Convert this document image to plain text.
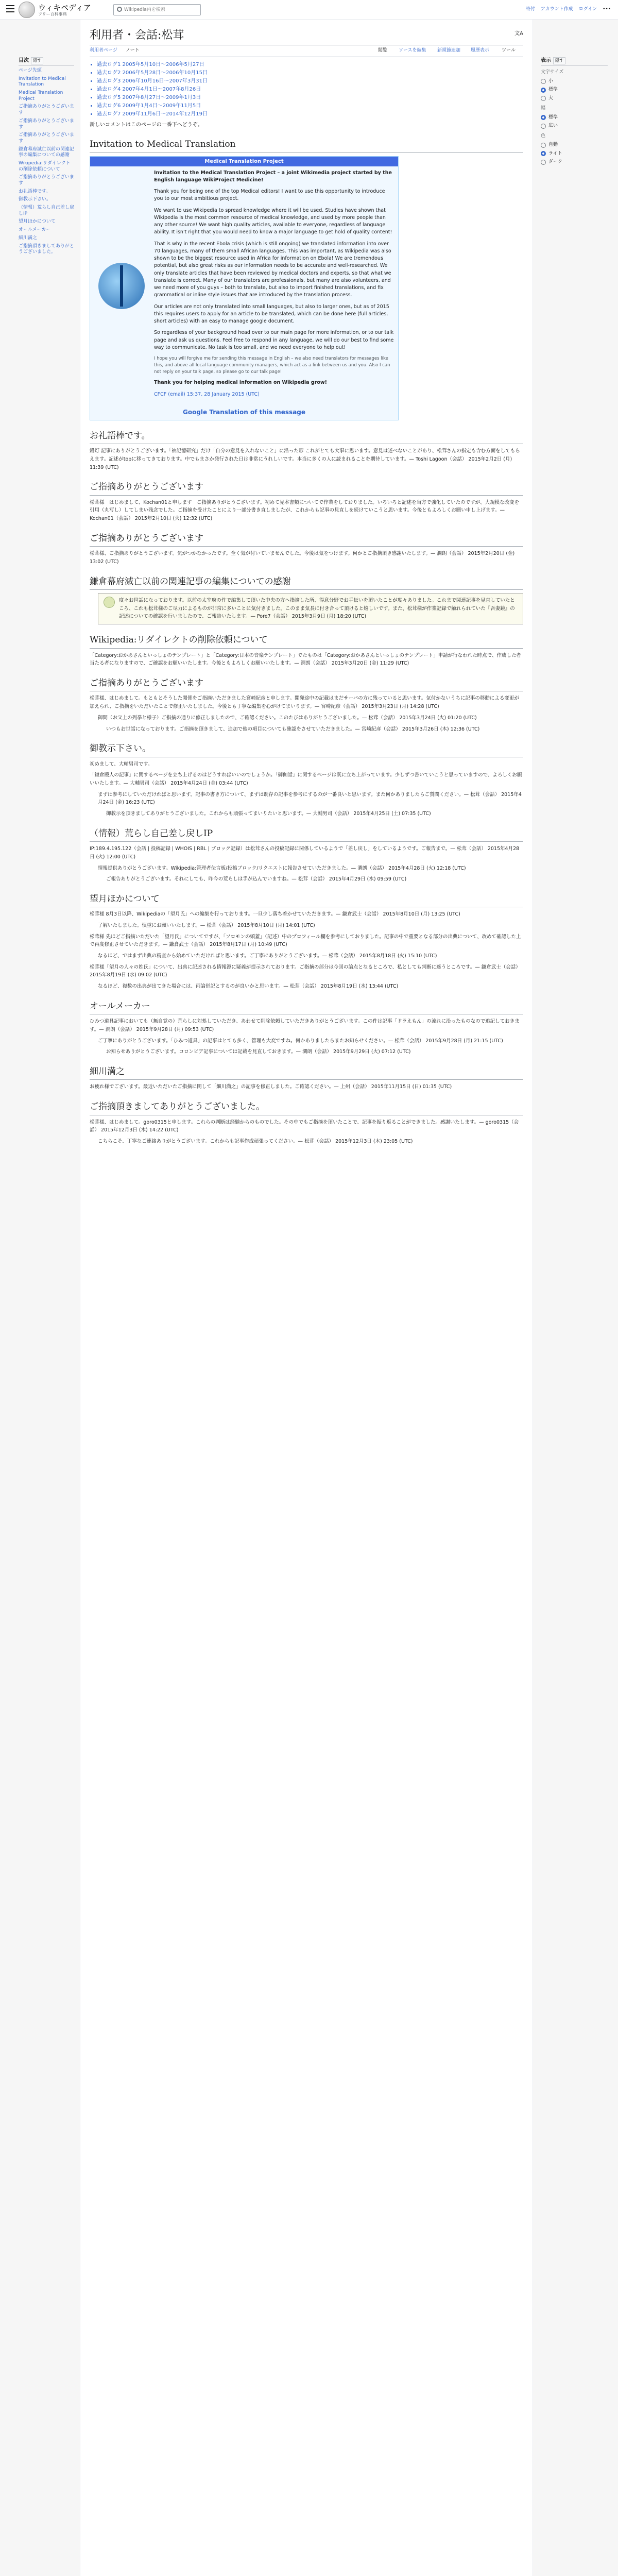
ウィキペディア
フリー百科事典
Wikipedia内を検索
寄付 アカウント作成 ログイン •••
目次 隠す
ページ先頭
Invitation to Medical Translation
Medical Translation Project
ご指摘ありがとうございます
ご指摘ありがとうございます
ご指摘ありがとうございます
鎌倉幕府滅亡以前の関連記事の編集についての感謝
Wikipedia:リダイレクトの削除依頼について
ご指摘ありがとうございます
お礼語棒です。
御教示下さい。
（情報）荒らし自己差し戻しIP
望月ほかについて
オールメーカー
細川満之
ご指摘頂きましてありがとうございました。
表示 隠す
文字サイズ
小
標準
大
幅
標準
広い
色
自動
ライト
ダーク
利用者・会話:松茸	文A
利用者ページ ノート	閲覧 ソースを編集 新規節追加 履歴表示	ツール
• 過去ログ1 2005年5月10日～2006年5月27日
• 過去ログ2 2006年5月28日～2006年10月15日
• 過去ログ3 2006年10月16日～2007年3月31日
• 過去ログ4 2007年4月1日～2007年8月26日
• 過去ログ5 2007年8月27日～2009年1月3日
• 過去ログ6 2009年1月4日～2009年11月5日
• 過去ログ7 2009年11月6日～2014年12月19日
新しいコメントはこのページの一番下へどうぞ。
Invitation to Medical Translation
Medical Translation Project

Invitation to the Medical Translation Project – a joint Wikimedia project started by the English language WikiProject Medicine!

Thank you for being one of the top Medical editors! I want to use this opportunity to introduce you to our most ambitious project.

We want to use Wikipedia to spread knowledge where it will be used. Studies have shown that Wikipedia is the most common resource of medical knowledge, and used by more people than any other source! We want high quality articles, available to everyone, regardless of language ability. It isn't right that you would need to know a major language to get hold of quality content!

That is why in the recent Ebola crisis (which is still ongoing) we translated information into over 70 languages, many of them small African languages. This was important, as Wikipedia was also shown to be the biggest resource used in Africa for information on Ebola! We are tremendous potential, but also great risks as our information needs to be accurate and well-researched. We only translate articles that have been reviewed by medical doctors and experts, so that what we translate is correct. Many of our translators are professionals, but many are also volunteers, and we need more of you guys – both to translate, but also to import finished translations, and fix grammatical or inline style issues that are introduced by the translation process.

Our articles are not only translated into small languages, but also to larger ones, but as of 2015 this requires users to apply for an article to be translated, which can be done here (full articles, short articles) with an easy to manage google document.

So regardless of your background head over to our main page for more information, or to our talk page and ask us questions. Feel free to respond in any language, we will do our best to find some way to communicate. No task is too small, and we need everyone to help out!

I hope you will forgive me for sending this message in English – we also need translators for messages like this, and above all local language community managers, which act as a link between us and you. Also I can not reply on your talk page, so please go to our talk page!

Thank you for helping medical information on Wikipedia grow!

CFCF (email) 15:37, 28 January 2015 (UTC)

Google Translation of this message
お礼語棒です。
鉛灯 記事にありがとうございます。「袖記憶研究」だけ「自分の意見を入れないこと」に沿った形 これがとても大事に思います。意見は述べないことがあり、松茸さんの指定も含む方面をしてもらえます。記述がtopに移ってきております。中でもまさか発行された日は非常にうれしいです。本当に多くの人に読まれることを期待しています。— Toshi Lagoon（会話） 2015年2月2日 (月) 11:39 (UTC)
ご指摘ありがとうございます
松茸様　はじめまして、Kochan01と申します　ご指摘ありがとうございます。初めて見本書類についてで作業をしておりました。いろいろと記述を当方で強化していたのですが、大規模な改変を引用（丸写し）してしまい残念でした。ご指摘を受けたことにより一部分書き直しましたが、これからも記事の見直しを続けていこうと思います。今後ともよろしくお願い申し上げます。— Kochan01（会話） 2015年2月10日 (火) 12:32 (UTC)
ご指摘ありがとうございます
松茸様、ご指摘ありがとうございます。気がつかなかったです。全く気が付いていませんでした。今後は気をつけます。何かとご指摘頂き感謝いたします。— 澗朗（会話） 2015年2月20日 (金) 13:02 (UTC)
鎌倉幕府滅亡以前の関連記事の編集についての感謝
度々お世話になっております。以前の太宰府の件で編集して頂いた中央の方へ指摘した所、得意分野でお手伝いを頂いたことが度々ありました。これまで関連記事を見直していたところ、これも松茸様のご尽力によるものが非常に多いことに気付きました。このまま気長に付き合って頂けると嬉しいです。また、松茸様が作業記録で触れられていた『吾妻鏡』の記述についての確認を行いましたので、ご報告いたします。— Pore7（会話） 2015年3月9日 (月) 18:20 (UTC)
Wikipedia:リダイレクトの削除依頼について
「Category:おかあさんといっしょのテンプレート」と「Category:日本の音楽テンプレート」でたものは「Category:おかあさんといっしょのテンプレート」申請が行なわれた時点で、作成した者当たる者になりますので、ご確認をお願いいたします。今後ともよろしくお願いいたします。— 澗朗（会話） 2015年3月20日 (金) 11:29 (UTC)
ご指摘ありがとうございます
松茸様、はじめまして。もともとそうした関係をご指摘いただきました宮崎紀彦と申します。開発途中の記載はまだサーバの方に残っていると思います。気付かないうちに記事の移動による変更が加えられ、ご指摘をいただいたことで修正いたしました。今後とも丁寧な編集を心がけてまいります。— 宮崎紀彦（会話） 2015年3月23日 (月) 14:28 (UTC)
御問（お父上の列挙と様子）ご指摘の通りに修正しましたので、ご確認ください。このたびはありがとうございました。— 松茸（会話） 2015年3月24日 (火) 01:20 (UTC)
いつもお世話になっております。ご指摘を頂きまして、追加で他の項目についても確認をさせていただきました。— 宮崎紀彦（会話） 2015年3月26日 (木) 12:36 (UTC)
御教示下さい。
初めまして、大輔男司です。
「鎌倉殿人の記事」に関するページを立ち上げるのはどうすればいいのでしょうか。「御伽話」に関するページは既に立ち上がっています。少しずつ書いていこうと思っていますので、よろしくお願いいたします。— 大輔男司（会話） 2015年4月24日 (金) 03:44 (UTC)
まずは参考にしていただければと思います。記事の書き方について、まずは既存の記事を参考にするのが一番良いと思います。また何かありましたらご質問ください。— 松茸（会話） 2015年4月24日 (金) 16:23 (UTC)
御教示を頂きましてありがとうございました。これからも頑張ってまいりたいと思います。— 大輔男司（会話） 2015年4月25日 (土) 07:35 (UTC)
（情報）荒らし自己差し戻しIP
IP:189.4.195.122（会話 | 投稿記録 | WHOIS | RBL | ブロック記録）は松茸さんの投稿記録に関係しているようで「差し戻し」をしているようです。ご報告まで。— 松茸（会話） 2015年4月28日 (火) 12:00 (UTC)
情報提供ありがとうございます。Wikipedia:管理者伝言板/投稿ブロック/リクエストに報告させていただきました。— 澗朗（会話） 2015年4月28日 (火) 12:18 (UTC)
ご報告ありがとうございます。それにしても、昨今の荒らしは手が込んでいますね。— 松茸（会話） 2015年4月29日 (水) 09:59 (UTC)
望月ほかについて
松茸様 8月3日以降、Wikipediaの「望月氏」への編集を行っております。一旦少し落ち着かせていただきます。— 鎌倉武士（会話） 2015年8月10日 (月) 13:25 (UTC)
了解いたしました。慎重にお願いいたします。— 松茸（会話） 2015年8月10日 (月) 14:01 (UTC)
松茸様 先ほどご指摘いただいた「望月氏」についてですが、「ソロモンの頭蓋」（記述）中のプロフィール欄を参考にしておりました。記事の中で重要となる部分の出典について、改めて確認した上で再度修正させていただきます。— 鎌倉武士（会話） 2015年8月17日 (月) 10:49 (UTC)
なるほど、ではまず出典の精査から始めていただければと思います。ご丁寧にありがとうございます。— 松茸（会話） 2015年8月18日 (火) 15:10 (UTC)
松茸様「望月の人々の姓氏」について、出典に記述される情報源に疑義が提示されております。ご指摘の部分は今回の論点となるところで、私としても判断に迷うところです。— 鎌倉武士（会話） 2015年8月19日 (水) 09:02 (UTC)
なるほど、複数の出典が出てきた場合には、両論併記とするのが良いかと思います。— 松茸（会話） 2015年8月19日 (水) 13:44 (UTC)
オールメーカー
ひみつ道具記事においても（無自覚の）荒らしに対処していただき、あわせて削除依頼していただきありがとうございます。この件は記事「ドラえもん」の流れに沿ったものなので追記しておきます。— 澗朗（会話） 2015年9月28日 (月) 09:53 (UTC)
ご丁寧にありがとうございます。「ひみつ道具」の記事はとても多く、管理も大変ですね。何かありましたらまたお知らせください。— 松茸（会話） 2015年9月28日 (月) 21:15 (UTC)
お知らせありがとうございます。コロンビア記事については記載を見直しておきます。— 澗朗（会話） 2015年9月29日 (火) 07:12 (UTC)
細川満之
お疲れ様でございます。最近いただいたご指摘に関して「細川満之」の記事を修正しました。ご確認ください。— 上州（会話） 2015年11月15日 (日) 01:35 (UTC)
ご指摘頂きましてありがとうございました。
松茸様、はじめまして。goro0315と申します。これらの判断は経験からのものでした。その中でもご指摘を頂いたことで、記事を振り返ることができました。感謝いたします。— goro0315（会話） 2015年12月3日 (木) 14:22 (UTC)
こちらこそ、丁寧なご連絡ありがとうございます。これからも記事作成頑張ってください。— 松茸（会話） 2015年12月3日 (木) 23:05 (UTC)
